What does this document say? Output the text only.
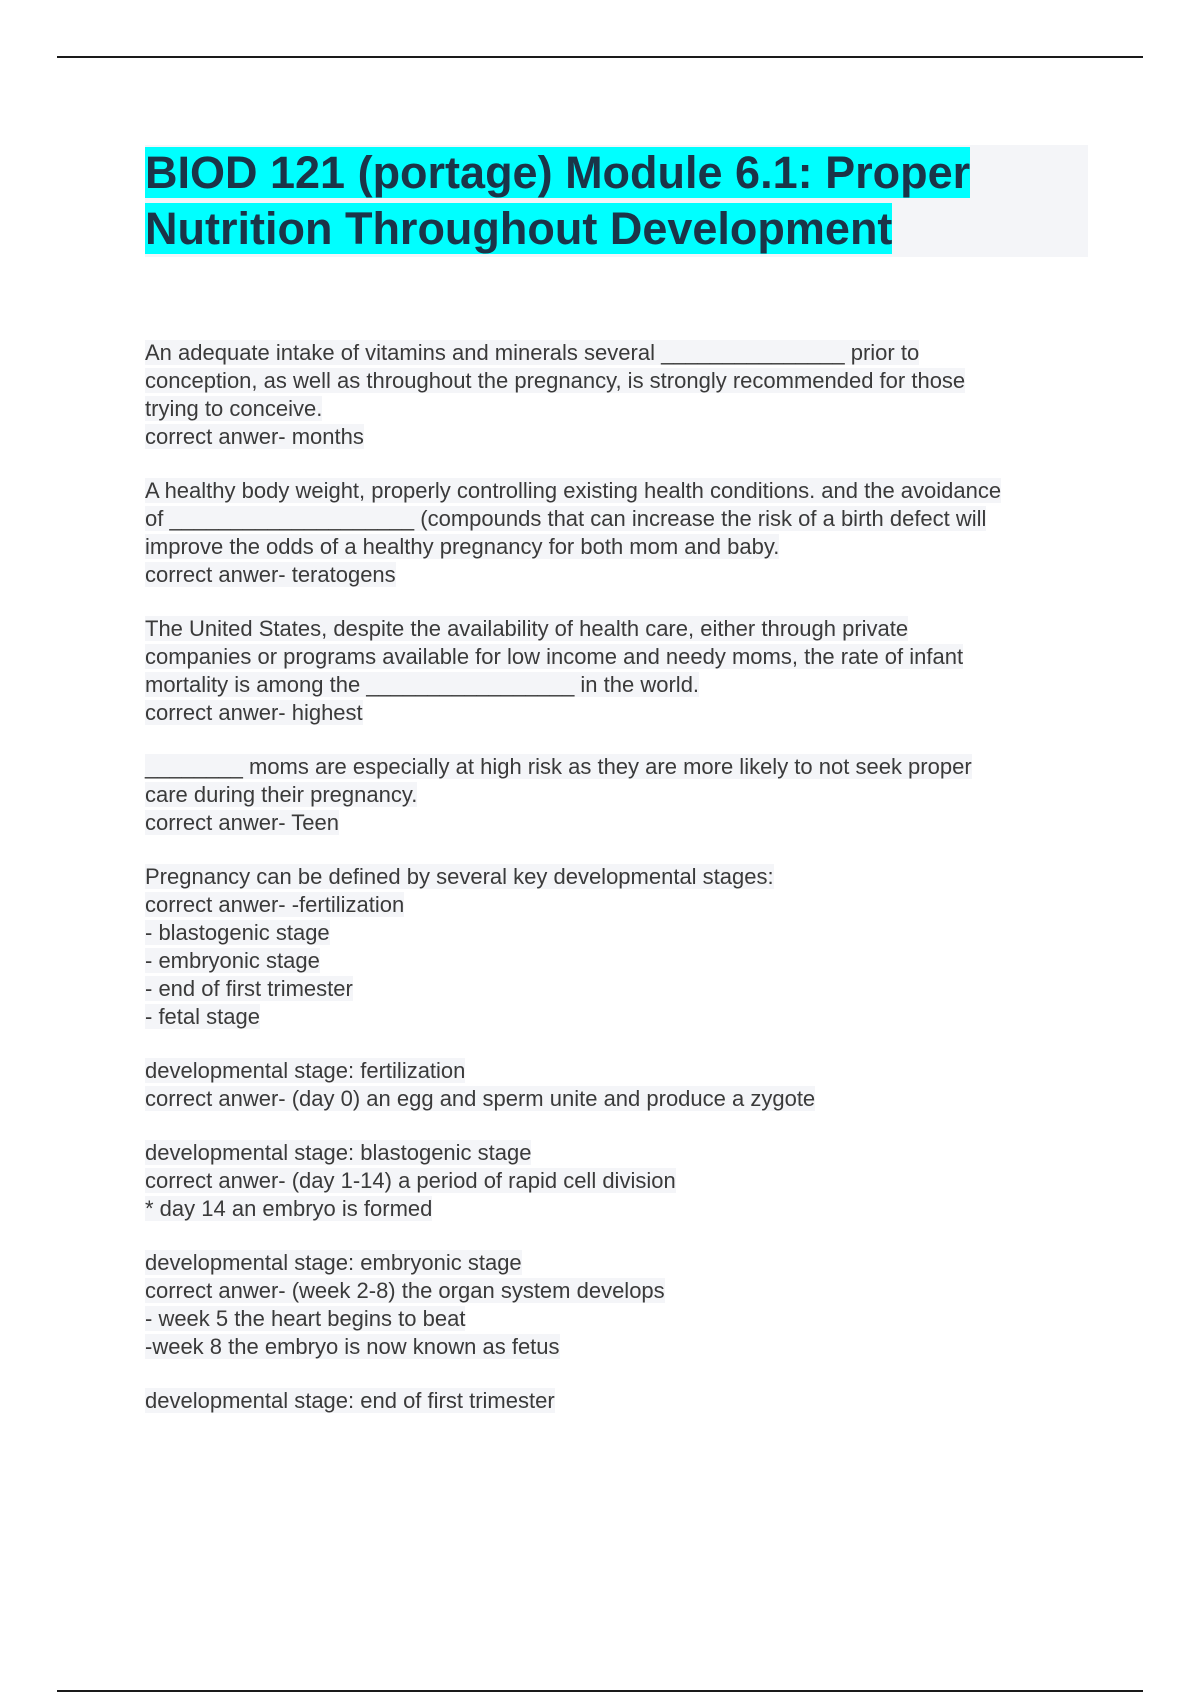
BIOD 121 (portage) Module 6.1: Proper
Nutrition Throughout Development
An adequate intake of vitamins and minerals several _______________ prior to
conception, as well as throughout the pregnancy, is strongly recommended for those
trying to conceive.
correct anwer- months
A healthy body weight, properly controlling existing health conditions. and the avoidance
of ____________________ (compounds that can increase the risk of a birth defect will
improve the odds of a healthy pregnancy for both mom and baby.
correct anwer- teratogens
The United States, despite the availability of health care, either through private
companies or programs available for low income and needy moms, the rate of infant
mortality is among the _________________ in the world.
correct anwer- highest
________ moms are especially at high risk as they are more likely to not seek proper
care during their pregnancy.
correct anwer- Teen
Pregnancy can be defined by several key developmental stages:
correct anwer- -fertilization
- blastogenic stage
- embryonic stage
- end of first trimester
- fetal stage
developmental stage: fertilization
correct anwer- (day 0) an egg and sperm unite and produce a zygote
developmental stage: blastogenic stage
correct anwer- (day 1-14) a period of rapid cell division
* day 14 an embryo is formed
developmental stage: embryonic stage
correct anwer- (week 2-8) the organ system develops
- week 5 the heart begins to beat
-week 8 the embryo is now known as fetus
developmental stage: end of first trimester
